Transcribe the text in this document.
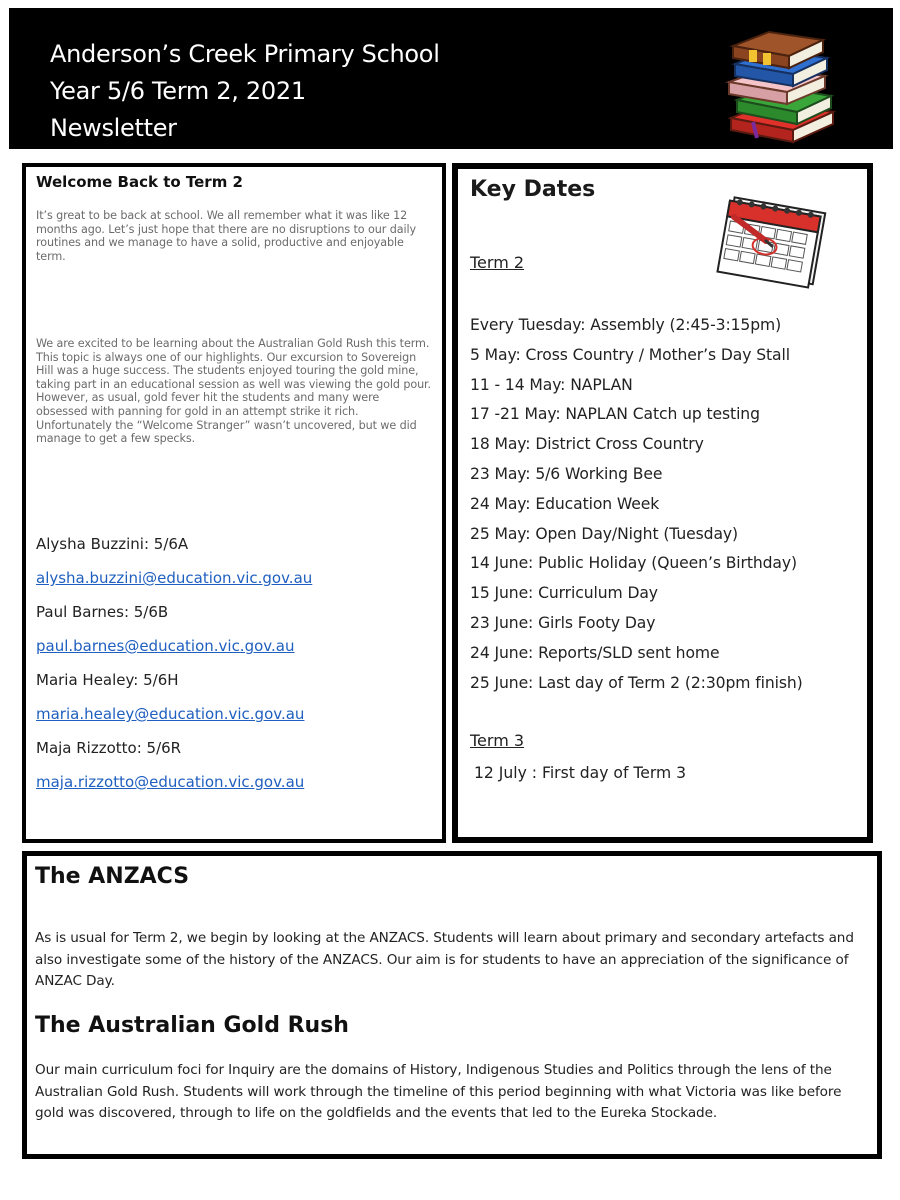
Anderson’s Creek Primary School
Year 5/6 Term 2, 2021
Newsletter
Welcome Back to Term 2

It’s great to be back at school. We all remember what it was like 12 months ago. Let’s just hope that there are no disruptions to our daily routines and we manage to have a solid, productive and enjoyable term.

We are excited to be learning about the Australian Gold Rush this term. This topic is always one of our highlights. Our excursion to Sovereign Hill was a huge success. The students enjoyed touring the gold mine, taking part in an educational session as well was viewing the gold pour. However, as usual, gold fever hit the students and many were obsessed with panning for gold in an attempt strike it rich. Unfortunately the “Welcome Stranger” wasn’t uncovered, but we did manage to get a few specks.

Alysha Buzzini: 5/6A
alysha.buzzini@education.vic.gov.au
Paul Barnes: 5/6B
paul.barnes@education.vic.gov.au
Maria Healey: 5/6H
maria.healey@education.vic.gov.au
Maja Rizzotto: 5/6R
maja.rizzotto@education.vic.gov.au
Key Dates
Term 2
Every Tuesday: Assembly (2:45-3:15pm)
5 May: Cross Country / Mother’s Day Stall
11 - 14 May: NAPLAN
17 -21 May: NAPLAN Catch up testing
18 May: District Cross Country
23 May: 5/6 Working Bee
24 May: Education Week
25 May: Open Day/Night (Tuesday)
14 June: Public Holiday (Queen’s Birthday)
15 June: Curriculum Day
23 June: Girls Footy Day
24 June: Reports/SLD sent home
25 June: Last day of Term 2 (2:30pm finish)
Term 3
12 July : First day of Term 3
The ANZACS

As is usual for Term 2, we begin by looking at the ANZACS. Students will learn about primary and secondary artefacts and also investigate some of the history of the ANZACS. Our aim is for students to have an appreciation of the significance of ANZAC Day.

The Australian Gold Rush

Our main curriculum foci for Inquiry are the domains of History, Indigenous Studies and Politics through the lens of the Australian Gold Rush. Students will work through the timeline of this period beginning with what Victoria was like before gold was discovered, through to life on the goldfields and the events that led to the Eureka Stockade.
